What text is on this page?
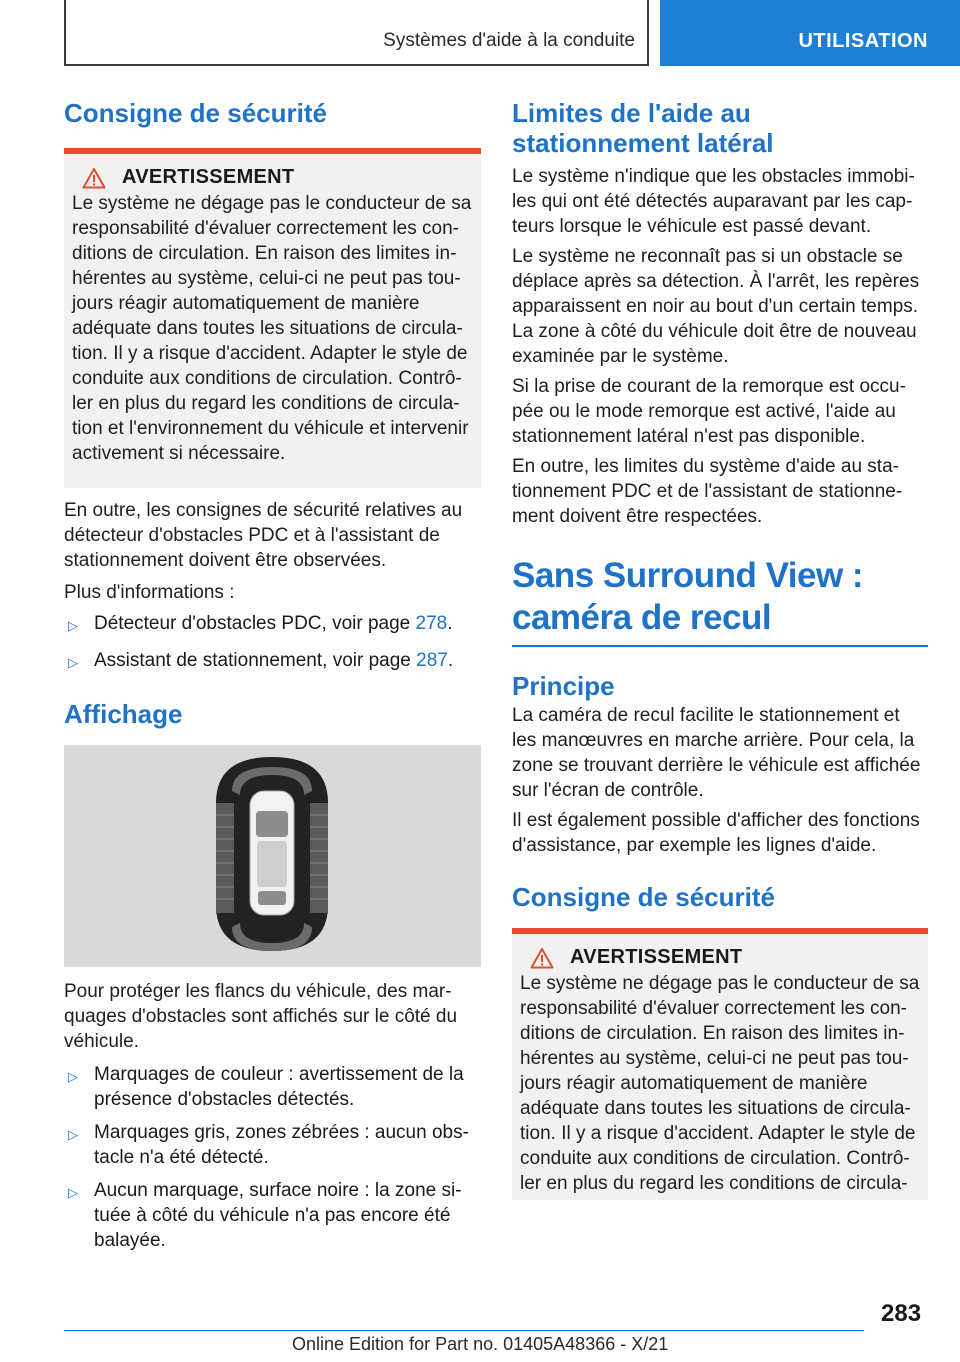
Systèmes d'aide à la conduite	UTILISATION
Consigne de sécurité
AVERTISSEMENT
Le système ne dégage pas le conducteur de sa
responsabilité d'évaluer correctement les con-
ditions de circulation. En raison des limites in-
hérentes au système, celui-ci ne peut pas tou-
jours réagir automatiquement de manière
adéquate dans toutes les situations de circula-
tion. Il y a risque d'accident. Adapter le style de
conduite aux conditions de circulation. Contrô-
ler en plus du regard les conditions de circula-
tion et l'environnement du véhicule et intervenir
activement si nécessaire.
En outre, les consignes de sécurité relatives au
détecteur d'obstacles PDC et à l'assistant de
stationnement doivent être observées.
Plus d'informations :
▷ Détecteur d'obstacles PDC, voir page 278.
▷ Assistant de stationnement, voir page 287.
Affichage
Pour protéger les flancs du véhicule, des mar-
quages d'obstacles sont affichés sur le côté du
véhicule.
▷ Marquages de couleur : avertissement de la
présence d'obstacles détectés.
▷ Marquages gris, zones zébrées : aucun obs-
tacle n'a été détecté.
▷ Aucun marquage, surface noire : la zone si-
tuée à côté du véhicule n'a pas encore été
balayée.
Limites de l'aide au
stationnement latéral
Le système n'indique que les obstacles immobi-
les qui ont été détectés auparavant par les cap-
teurs lorsque le véhicule est passé devant.
Le système ne reconnaît pas si un obstacle se
déplace après sa détection. À l'arrêt, les repères
apparaissent en noir au bout d'un certain temps.
La zone à côté du véhicule doit être de nouveau
examinée par le système.
Si la prise de courant de la remorque est occu-
pée ou le mode remorque est activé, l'aide au
stationnement latéral n'est pas disponible.
En outre, les limites du système d'aide au sta-
tionnement PDC et de l'assistant de stationne-
ment doivent être respectées.
Sans Surround View :
caméra de recul
Principe
La caméra de recul facilite le stationnement et
les manœuvres en marche arrière. Pour cela, la
zone se trouvant derrière le véhicule est affichée
sur l'écran de contrôle.
Il est également possible d'afficher des fonctions
d'assistance, par exemple les lignes d'aide.
Consigne de sécurité
AVERTISSEMENT
Le système ne dégage pas le conducteur de sa
responsabilité d'évaluer correctement les con-
ditions de circulation. En raison des limites in-
hérentes au système, celui-ci ne peut pas tou-
jours réagir automatiquement de manière
adéquate dans toutes les situations de circula-
tion. Il y a risque d'accident. Adapter le style de
conduite aux conditions de circulation. Contrô-
ler en plus du regard les conditions de circula-
283
Online Edition for Part no. 01405A48366 - X/21
